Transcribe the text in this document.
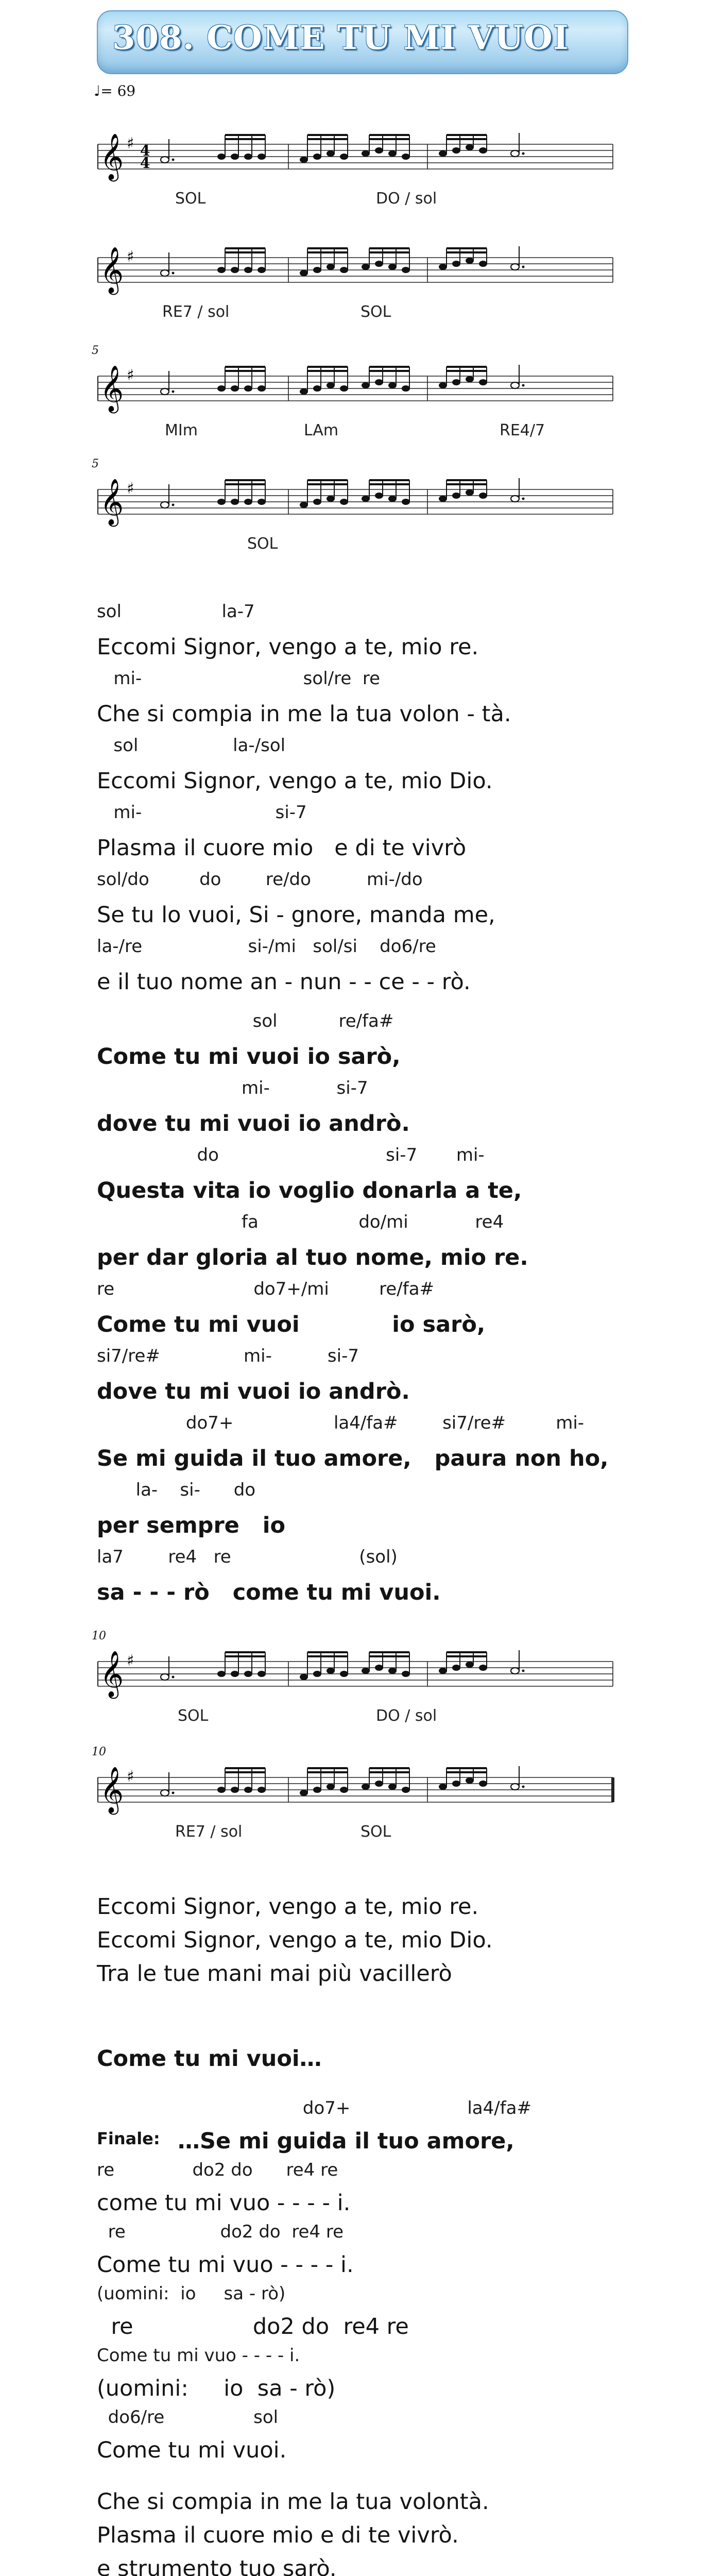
308. COME TU MI VUOI
♩= 69
𝄞 ♯ 4
4
SOL	DO / sol
𝄞 ♯
RE7 / sol	SOL
𝄞 ♯
5
MIm	LAm	RE4/7
𝄞 ♯
5
SOL
𝄞 ♯
10
SOL	DO / sol
𝄞 ♯
10
RE7 / sol	SOL
sol                  la-7
Eccomi Signor, vengo a te, mio re.
mi-                             sol/re  re
Che si compia in me la tua volon - tà.
sol                 la-/sol
Eccomi Signor, vengo a te, mio Dio.
mi-                        si-7
Plasma il cuore mio   e di te vivrò
sol/do         do        re/do          mi-/do
Se tu lo vuoi, Si - gnore, manda me,
la-/re                   si-/mi   sol/si    do6/re
e il tuo nome an - nun - - ce - - rò.
sol           re/fa#
Come tu mi vuoi io sarò,
mi-            si-7
dove tu mi vuoi io andrò.
do                              si-7       mi-
Questa vita io voglio donarla a te,
fa                  do/mi            re4
per dar gloria al tuo nome, mio re.
re                         do7+/mi         re/fa#
Come tu mi vuoi            io sarò,
si7/re#               mi-          si-7
dove tu mi vuoi io andrò.
do7+                  la4/fa#        si7/re#         mi-
Se mi guida il tuo amore,   paura non ho,
la-    si-      do
per sempre   io
la7        re4   re                       (sol)
sa - - - rò   come tu mi vuoi.
Eccomi Signor, vengo a te, mio re.
Eccomi Signor, vengo a te, mio Dio.
Tra le tue mani mai più vacillerò
Come tu mi vuoi…
Finale:
do7+                     la4/fa#
…Se mi guida il tuo amore,
re              do2 do      re4 re
come tu mi vuo - - - - i.
re                 do2 do  re4 re
Come tu mi vuo - - - - i.
(uomini:  io     sa - rò)
re                 do2 do  re4 re
Come tu mi vuo - - - - i.
(uomini:     io  sa - rò)
do6/re                sol
Come tu mi vuoi.
Che si compia in me la tua volontà.
Plasma il cuore mio e di te vivrò.
e strumento tuo sarò.
